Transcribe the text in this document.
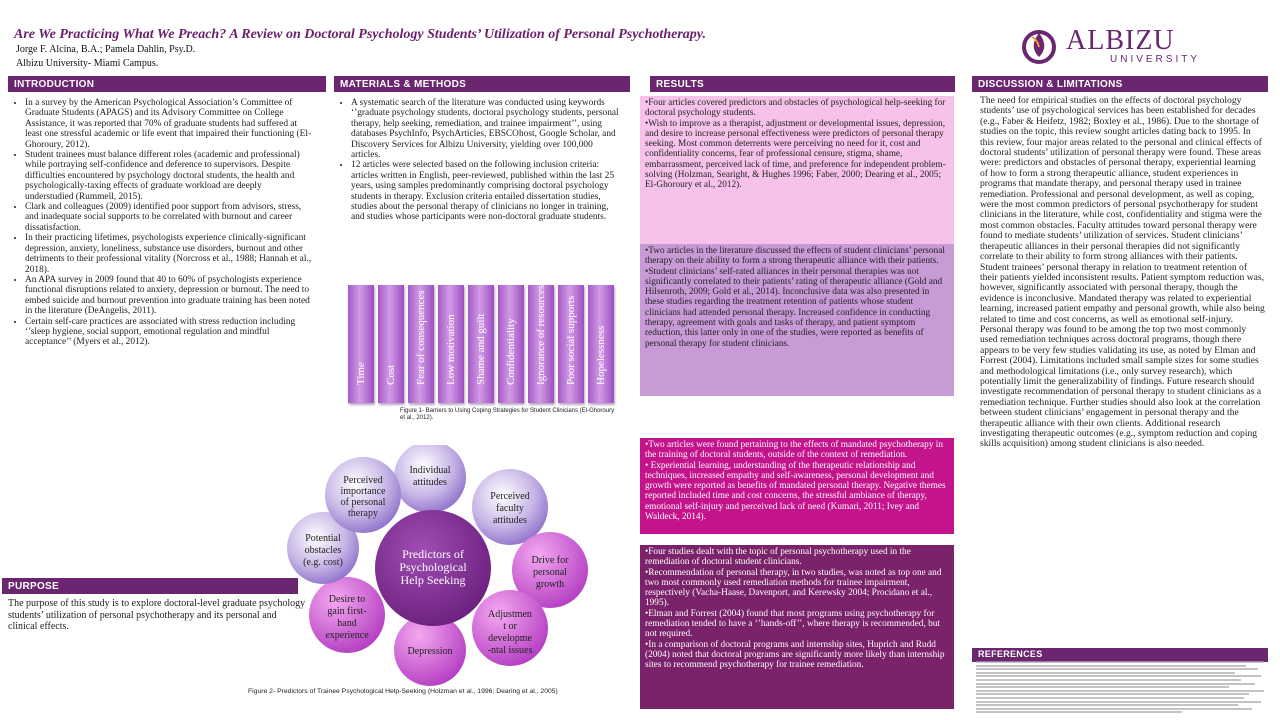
Are We Practicing What We Preach? A Review on Doctoral Psychology Students’ Utilization of Personal Psychotherapy.
Jorge F. Alcina, B.A.; Pamela Dahlin, Psy.D.
Albizu University- Miami Campus.
ALBIZU
UNIVERSITY
INTRODUCTION	MATERIALS & METHODS	RESULTS	DISCUSSION & LIMITATIONS
• In a survey by the American Psychological Association’s Committee of Graduate Students (APAGS) and its Advisory Committee on College Assistance, it was reported that 70% of graduate students had suffered at least one stressful academic or life event that impaired their functioning (El-Ghoroury, 2012).
• Student trainees must balance different roles (academic and professional) while portraying self-confidence and deference to supervisors. Despite difficulties encountered by psychology doctoral students, the health and psychologically-taxing effects of graduate workload are deeply understudied (Rummell, 2015).
• Clark and colleagues (2009) identified poor support from advisors, stress, and inadequate social supports to be correlated with burnout and career dissatisfaction.
• In their practicing lifetimes, psychologists experience clinically-significant depression, anxiety, loneliness, substance use disorders, burnout and other detriments to their professional vitality (Norcross et al., 1988; Hannah et al., 2018).
• An APA survey in 2009 found that 40 to 60% of psychologists experience functional disruptions related to anxiety, depression or burnout. The need to embed suicide and burnout prevention into graduate training has been noted in the literature (DeAngelis, 2011).
• Certain self-care practices are associated with stress reduction including ‘’sleep hygiene, social support, emotional regulation and mindful acceptance’’ (Myers et al., 2012).
PURPOSE
The purpose of this study is to explore doctoral-level graduate psychology students’ utilization of personal psychotherapy and its personal and clinical effects.
• A systematic search of the literature was conducted using keywords ‘’graduate psychology students, doctoral psychology students, personal therapy, help seeking, remediation, and trainee impairment’’, using databases PsychInfo, PsychArticles, EBSCOhost, Google Scholar, and Discovery Services for Albizu University, yielding over 100,000 articles.
• 12 articles were selected based on the following inclusion criteria: articles written in English, peer-reviewed, published within the last 25 years, using samples predominantly comprising doctoral psychology students in therapy. Exclusion criteria entailed dissertation studies, studies about the personal therapy of clinicians no longer in training, and studies whose participants were non-doctoral graduate students.
Time Cost Fear of consequences Low motivation Shame and guilt Confidentiality Ignorance of resources Poor social supports Hopelessness
Figure 1- Barriers to Using Coping Strategies for Student Clinicians (El-Ghoroury et al., 2012).
Predictors of Psychological Help Seeking
Individual attitudes
Perceived faculty attitudes
Drive for personal growth
Adjustmen t or developme -ntal issues
Depression
Desire to gain first-hand experience
Potential obstacles (e.g. cost)
Perceived importance of personal therapy
Figure 2- Predictors of Trainee Psychological Help-Seeking (Holzman et al., 1996; Dearing et al., 2005)

•Four articles covered predictors and obstacles of psychological help-seeking for doctoral psychology students.

•Wish to improve as a therapist, adjustment or developmental issues, depression, and desire to increase personal effectiveness were predictors of personal therapy seeking. Most common deterrents were perceiving no need for it, cost and confidentiality concerns, fear of professional censure, stigma, shame, embarrassment, perceived lack of time, and preference for independent problem-solving (Holzman, Searight, & Hughes 1996; Faber, 2000; Dearing et al., 2005; El-Ghoroury et al., 2012).

•Two articles in the literature discussed the effects of student clinicians’ personal therapy on their ability to form a strong therapeutic alliance with their patients.

•Student clinicians’ self-rated alliances in their personal therapies was not significantly correlated to their patients’ rating of therapeutic alliance (Gold and Hilsenroth, 2009; Gold et al., 2014). Inconclusive data was also presented in these studies regarding the treatment retention of patients whose student clinicians had attended personal therapy. Increased confidence in conducting therapy, agreement with goals and tasks of therapy, and patient symptom reduction, this latter only in one of the studies, were reported as benefits of personal therapy for student clinicians.

•Two articles were found pertaining to the effects of mandated psychotherapy in the training of doctoral students, outside of the context of remediation.

• Experiential learning, understanding of the therapeutic relationship and techniques, increased empathy and self-awareness, personal development and growth were reported as benefits of mandated personal therapy. Negative themes reported included time and cost concerns, the stressful ambiance of therapy, emotional self-injury and perceived lack of need (Kumari, 2011; Ivey and Waldeck, 2014).

•Four studies dealt with the topic of personal psychotherapy used in the remediation of doctoral student clinicians.

•Recommendation of personal therapy, in two studies, was noted as top one and two most commonly used remediation methods for trainee impairment, respectively (Vacha-Haase, Davenport, and Kerewsky 2004; Procidano et al., 1995).

•Elman and Forrest (2004) found that most programs using psychotherapy for remediation tended to have a ‘’hands-off’’, where therapy is recommended, but not required.

•In a comparison of doctoral programs and internship sites, Huprich and Rudd (2004) noted that doctoral programs are significantly more likely than internship sites to recommend psychotherapy for trainee remediation.

The need for empirical studies on the effects of doctoral psychology students’ use of psychological services has been established for decades (e.g., Faber & Heifetz, 1982; Boxley et al., 1986). Due to the shortage of studies on the topic, this review sought articles dating back to 1995. In this review, four major areas related to the personal and clinical effects of doctoral students’ utilization of personal therapy were found. These areas were: predictors and obstacles of personal therapy, experiential learning of how to form a strong therapeutic alliance, student experiences in programs that mandate therapy, and personal therapy used in trainee remediation. Professional and personal development, as well as coping, were the most common predictors of personal psychotherapy for student clinicians in the literature, while cost, confidentiality and stigma were the most common obstacles. Faculty attitudes toward personal therapy were found to mediate students’ utilization of services. Student clinicians’ therapeutic alliances in their personal therapies did not significantly correlate to their ability to form strong alliances with their patients. Student trainees’ personal therapy in relation to treatment retention of their patients yielded inconsistent results. Patient symptom reduction was, however, significantly associated with personal therapy, though the evidence is inconclusive. Mandated therapy was related to experiential learning, increased patient empathy and personal growth, while also being related to time and cost concerns, as well as emotional self-injury. Personal therapy was found to be among the top two most commonly used remediation techniques across doctoral programs, though there appears to be very few studies validating its use, as noted by Elman and Forrest (2004). Limitations included small sample sizes for some studies and methodological limitations (i.e., only survey research), which potentially limit the generalizability of findings. Future research should investigate recommendation of personal therapy to student clinicians as a remediation technique. Further studies should also look at the correlation between student clinicians’ engagement in personal therapy and the therapeutic alliance with their own clients. Additional research investigating therapeutic outcomes (e.g., symptom reduction and coping skills acquisition) among student clinicians is also needed.
REFERENCES
